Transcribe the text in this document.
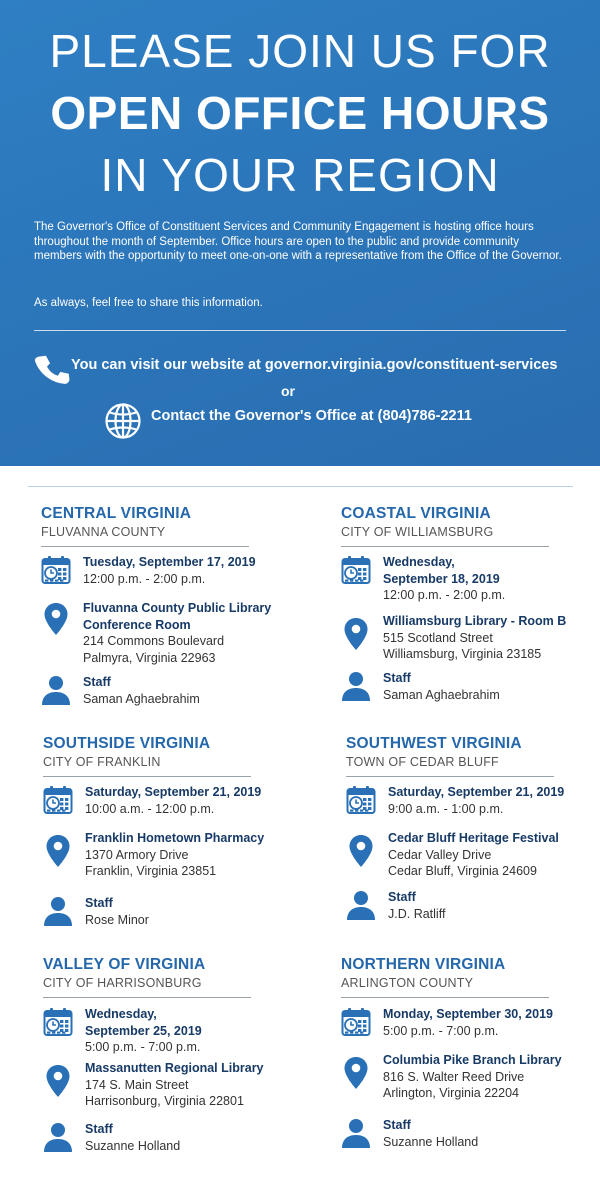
PLEASE JOIN US FOR
OPEN OFFICE HOURS
IN YOUR REGION
The Governor's Office of Constituent Services and Community Engagement is hosting office hours throughout the month of September. Office hours are open to the public and provide community members with the opportunity to meet one-on-one with a representative from the Office of the Governor.
As always, feel free to share this information.
You can visit our website at governor.virginia.gov/constituent-services
or
Contact the Governor's Office at (804)786-2211
CENTRAL VIRGINIA
FLUVANNA COUNTY
Tuesday, September 17, 2019
12:00 p.m. - 2:00 p.m.
Fluvanna County Public Library
Conference Room
214 Commons Boulevard
Palmyra, Virginia 22963
Staff
Saman Aghaebrahim
COASTAL VIRGINIA
CITY OF WILLIAMSBURG
Wednesday,
September 18, 2019
12:00 p.m. - 2:00 p.m.
Williamsburg Library - Room B
515 Scotland Street
Williamsburg, Virginia 23185
Staff
Saman Aghaebrahim
SOUTHSIDE VIRGINIA
CITY OF FRANKLIN
Saturday, September 21, 2019
10:00 a.m. - 12:00 p.m.
Franklin Hometown Pharmacy
1370 Armory Drive
Franklin, Virginia 23851
Staff
Rose Minor
SOUTHWEST VIRGINIA
TOWN OF CEDAR BLUFF
Saturday, September 21, 2019
9:00 a.m. - 1:00 p.m.
Cedar Bluff Heritage Festival
Cedar Valley Drive
Cedar Bluff, Virginia 24609
Staff
J.D. Ratliff
VALLEY OF VIRGINIA
CITY OF HARRISONBURG
Wednesday,
September 25, 2019
5:00 p.m. - 7:00 p.m.
Massanutten Regional Library
174 S. Main Street
Harrisonburg, Virginia 22801
Staff
Suzanne Holland
NORTHERN VIRGINIA
ARLINGTON COUNTY
Monday, September 30, 2019
5:00 p.m. - 7:00 p.m.
Columbia Pike Branch Library
816 S. Walter Reed Drive
Arlington, Virginia 22204
Staff
Suzanne Holland
